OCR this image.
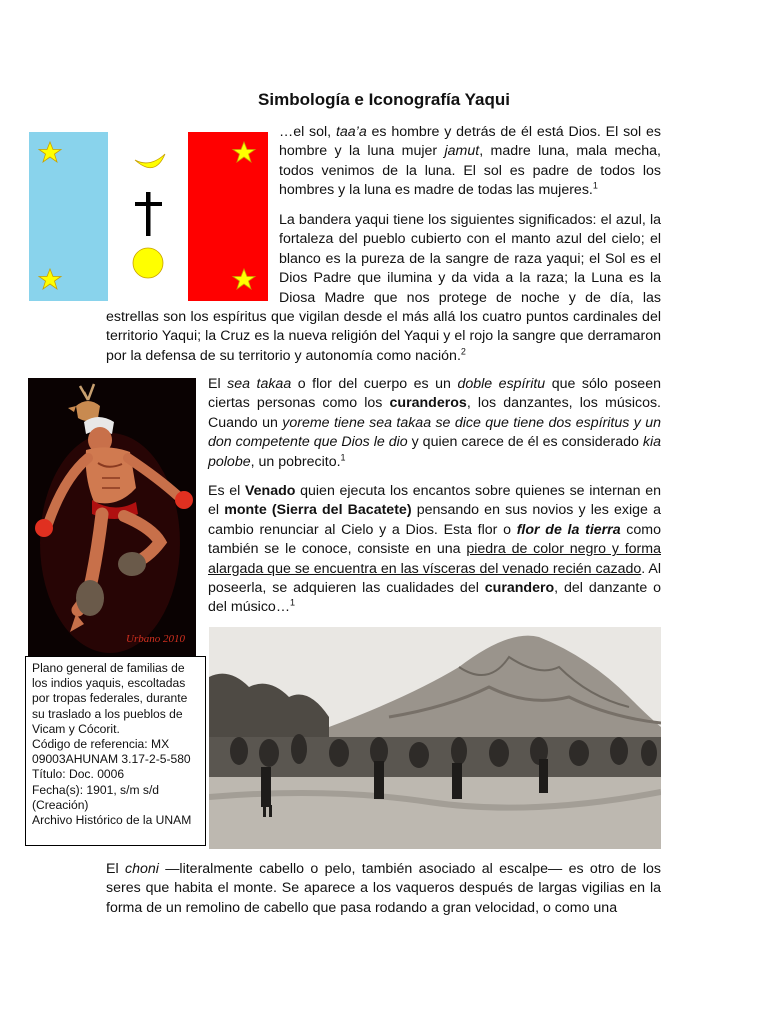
Simbología e Iconografía Yaqui

…el sol, taa’a es hombre y detrás de él está Dios. El sol es hombre y la luna mujer jamut, madre luna, mala mecha, todos venimos de la luna. El sol es padre de todos los hombres y la luna es madre de todas las mujeres.$^1$

La bandera yaqui tiene los siguientes significados: el azul, la fortaleza del pueblo cubierto con el manto azul del cielo; el blanco es la pureza de la sangre de raza yaqui; el Sol es el Dios Padre que ilumina y da vida a la raza; la Luna es la Diosa Madre que nos protege de noche y de día, las estrellas son los espíritus que vigilan desde el más allá los cuatro puntos cardinales del territorio Yaqui; la Cruz es la nueva religión del Yaqui y el rojo la sangre que derramaron por la defensa de su territorio y autonomía como nación.$^2$

Urbano 2010

El sea takaa o flor del cuerpo es un doble espíritu que sólo poseen ciertas personas como los curanderos, los danzantes, los músicos. Cuando un yoreme tiene sea takaa se dice que tiene dos espíritus y un don competente que Dios le dio y quien carece de él es considerado kia polobe, un pobrecito.$^1$

Es el Venado quien ejecuta los encantos sobre quienes se internan en el monte (Sierra del Bacatete) pensando en sus novios y les exige a cambio renunciar al Cielo y a Dios. Esta flor o flor de la tierra como también se le conoce, consiste en una piedra de color negro y forma alargada que se encuentra en las vísceras del venado recién cazado. Al poseerla, se adquieren las cualidades del curandero, del danzante o del músico…$^1$

Plano general de familias de los indios yaquis, escoltadas por tropas federales, durante su traslado a los pueblos de Vicam y Cócorit.
Código de referencia: MX
09003AHUNAM 3.17-2-5-580
Título: Doc. 0006
Fecha(s): 1901, s/m s/d (Creación)
Archivo Histórico de la UNAM

El choni —literalmente cabello o pelo, también asociado al escalpe— es otro de los seres que habita el monte. Se aparece a los vaqueros después de largas vigilias en la forma de un remolino de cabello que pasa rodando a gran velocidad, o como una
